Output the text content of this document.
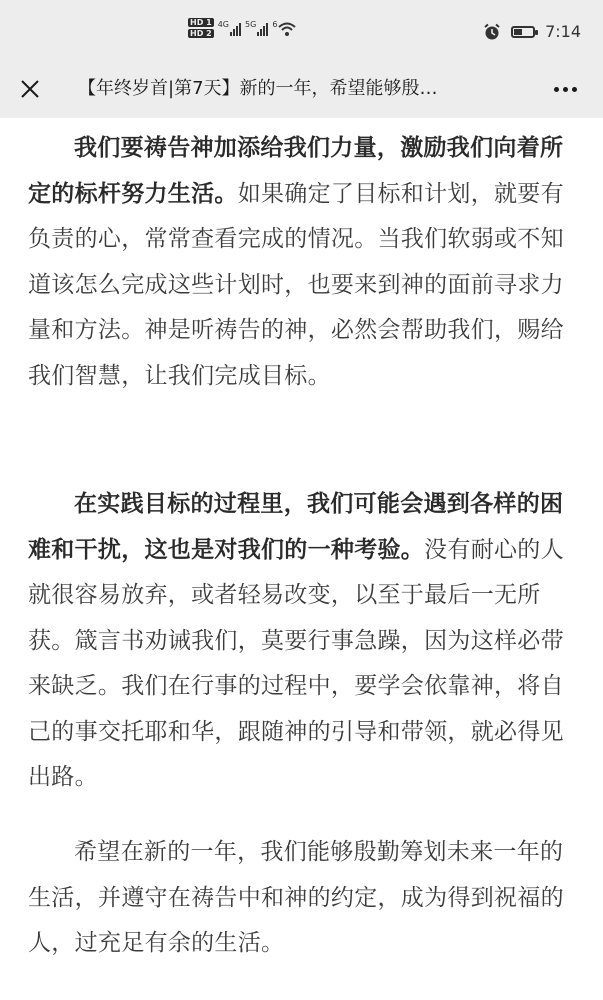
HD 1
HD 2
4G 5G 6	7:14
【年终岁首|第7天】新的一年，希望能够殷…

我们要祷告神加添给我们力量，激励我们向着所定的标杆努力生活。如果确定了目标和计划，就要有负责的心，常常查看完成的情况。当我们软弱或不知道该怎么完成这些计划时，也要来到神的面前寻求力量和方法。神是听祷告的神，必然会帮助我们，赐给我们智慧，让我们完成目标。

在实践目标的过程里，我们可能会遇到各样的困难和干扰，这也是对我们的一种考验。没有耐心的人就很容易放弃，或者轻易改变，以至于最后一无所获。箴言书劝诫我们，莫要行事急躁，因为这样必带来缺乏。我们在行事的过程中，要学会依靠神，将自己的事交托耶和华，跟随神的引导和带领，就必得见出路。

希望在新的一年，我们能够殷勤筹划未来一年的生活，并遵守在祷告中和神的约定，成为得到祝福的人，过充足有余的生活。
